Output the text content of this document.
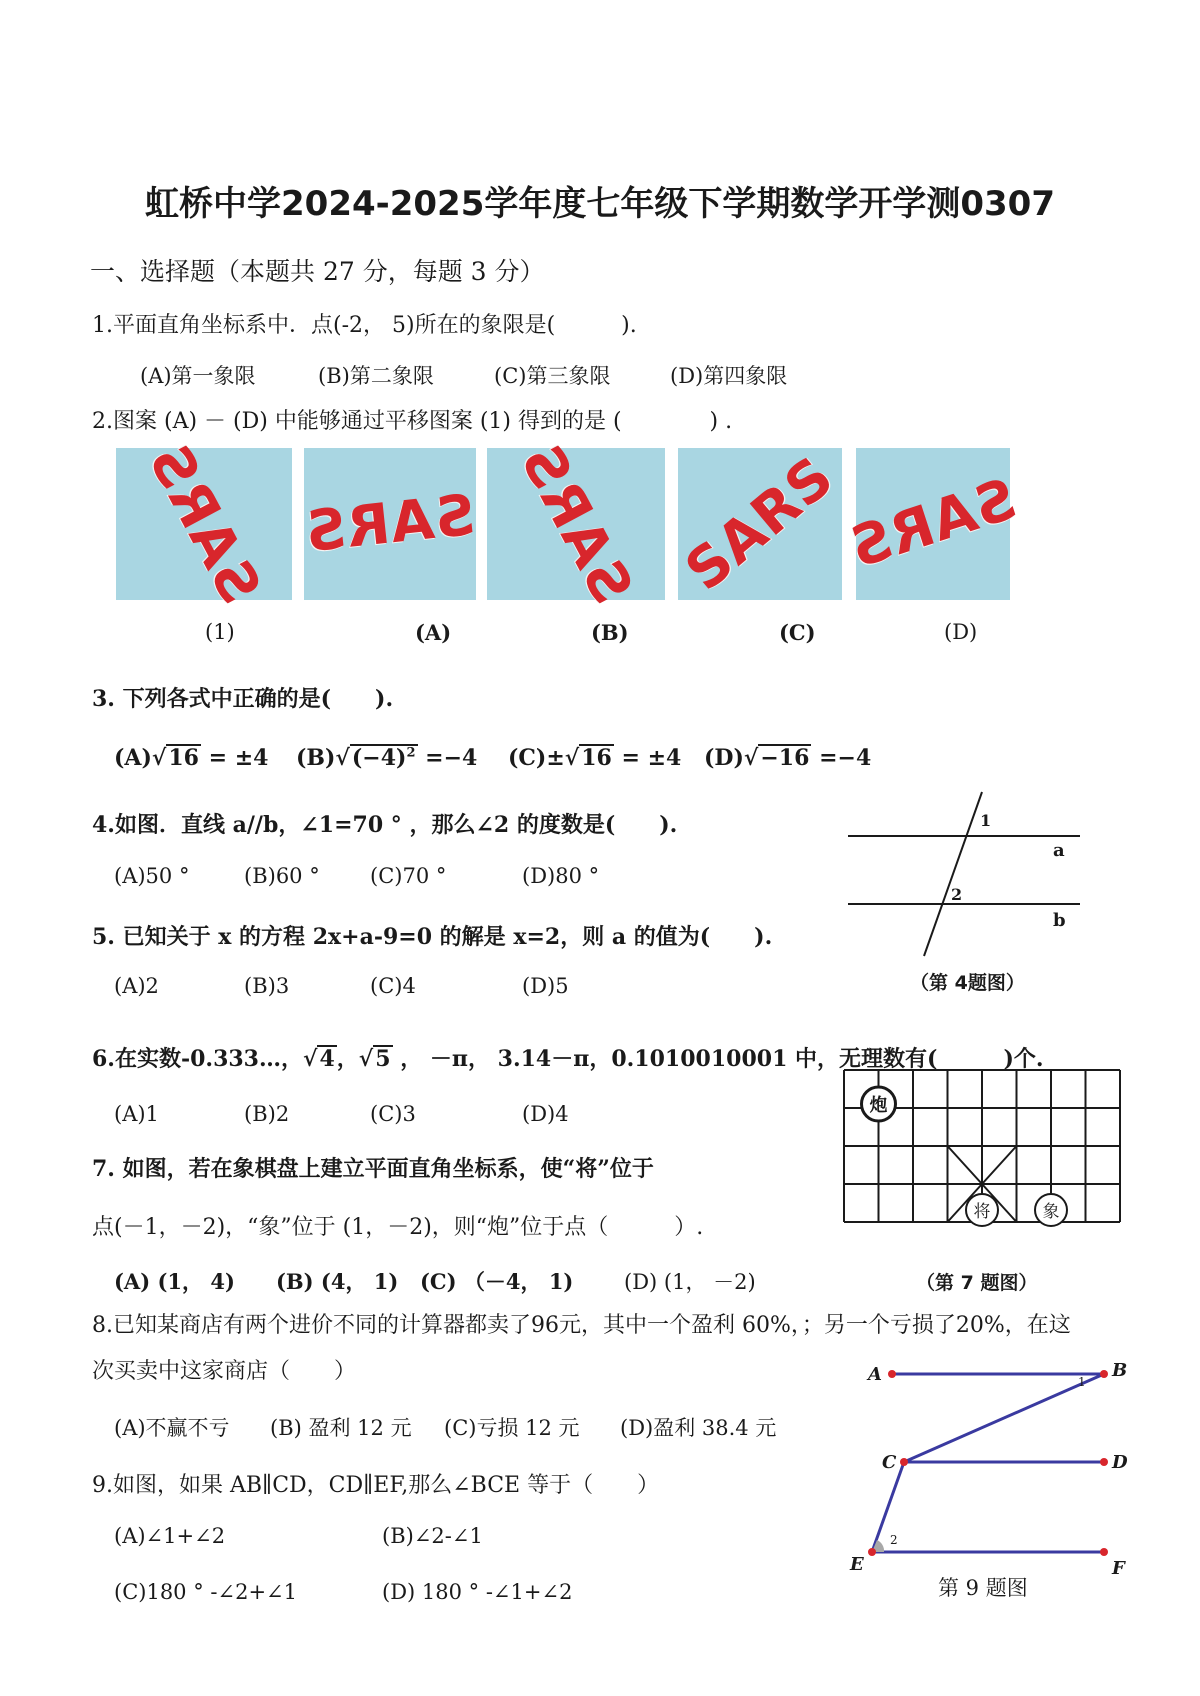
虹桥中学2024-2025学年度七年级下学期数学开学测0307
一、选择题（本题共 27 分，每题 3 分）
1.平面直角坐标系中．点(-2， 5)所在的象限是(　　　).
(A)第一象限	(B)第二象限	(C)第三象限	(D)第四象限
2.图案 (A) － (D) 中能够通过平移图案 (1) 得到的是 (　　　　) .
SARS SARS SARS SARS
SARS
(1)	(A)	(B)	(C)	(D)
3. 下列各式中正确的是(　　).
(A)√16 = ±4 $(B)√(-4)^2 =-4$ (C)±√16 = ±4 (D)√−16 =−4
4.如图．直线 a//b，∠1=70 ° ，那么∠2 的度数是(　　).
(A)50 °	(B)60 ° (C)70 °	(D)80 °
1
2
a
b
（第 4题图）
5. 已知关于 x 的方程 2x+a-9=0 的解是 x=2，则 a 的值为(　　).
(A)2	(B)3	(C)4	(D)5
6.在实数-0.333…，√4，√5 ， －π， 3.14－π，0.1010010001 中，无理数有(　　　)个.
(A)1	(B)2	(C)3	(D)4	炮
将	象
7. 如图，若在象棋盘上建立平面直角坐标系，使“将”位于
点(－1，－2)，“象”位于 (1，－2)，则“炮”位于点（　　　）.
(A) (1， 4) (B) (4， 1) (C) （－4， 1) (D) (1， －2)	（第 7 题图）
8.已知某商店有两个进价不同的计算器都卖了96元，其中一个盈利 60%，；另一个亏损了20%，在这
次买卖中这家商店（　　）
(A)不赢不亏 (B) 盈利 12 元 (C)亏损 12 元 (D)盈利 38.4 元
9.如图，如果 AB∥CD，CD∥EF,那么∠BCE 等于（　　）
(A)∠1+∠2	(B)∠2-∠1
(C)180 ° -∠2+∠1	(D) 180 ° -∠1+∠2
A	B
C	D
E	F
1
2
第 9 题图
